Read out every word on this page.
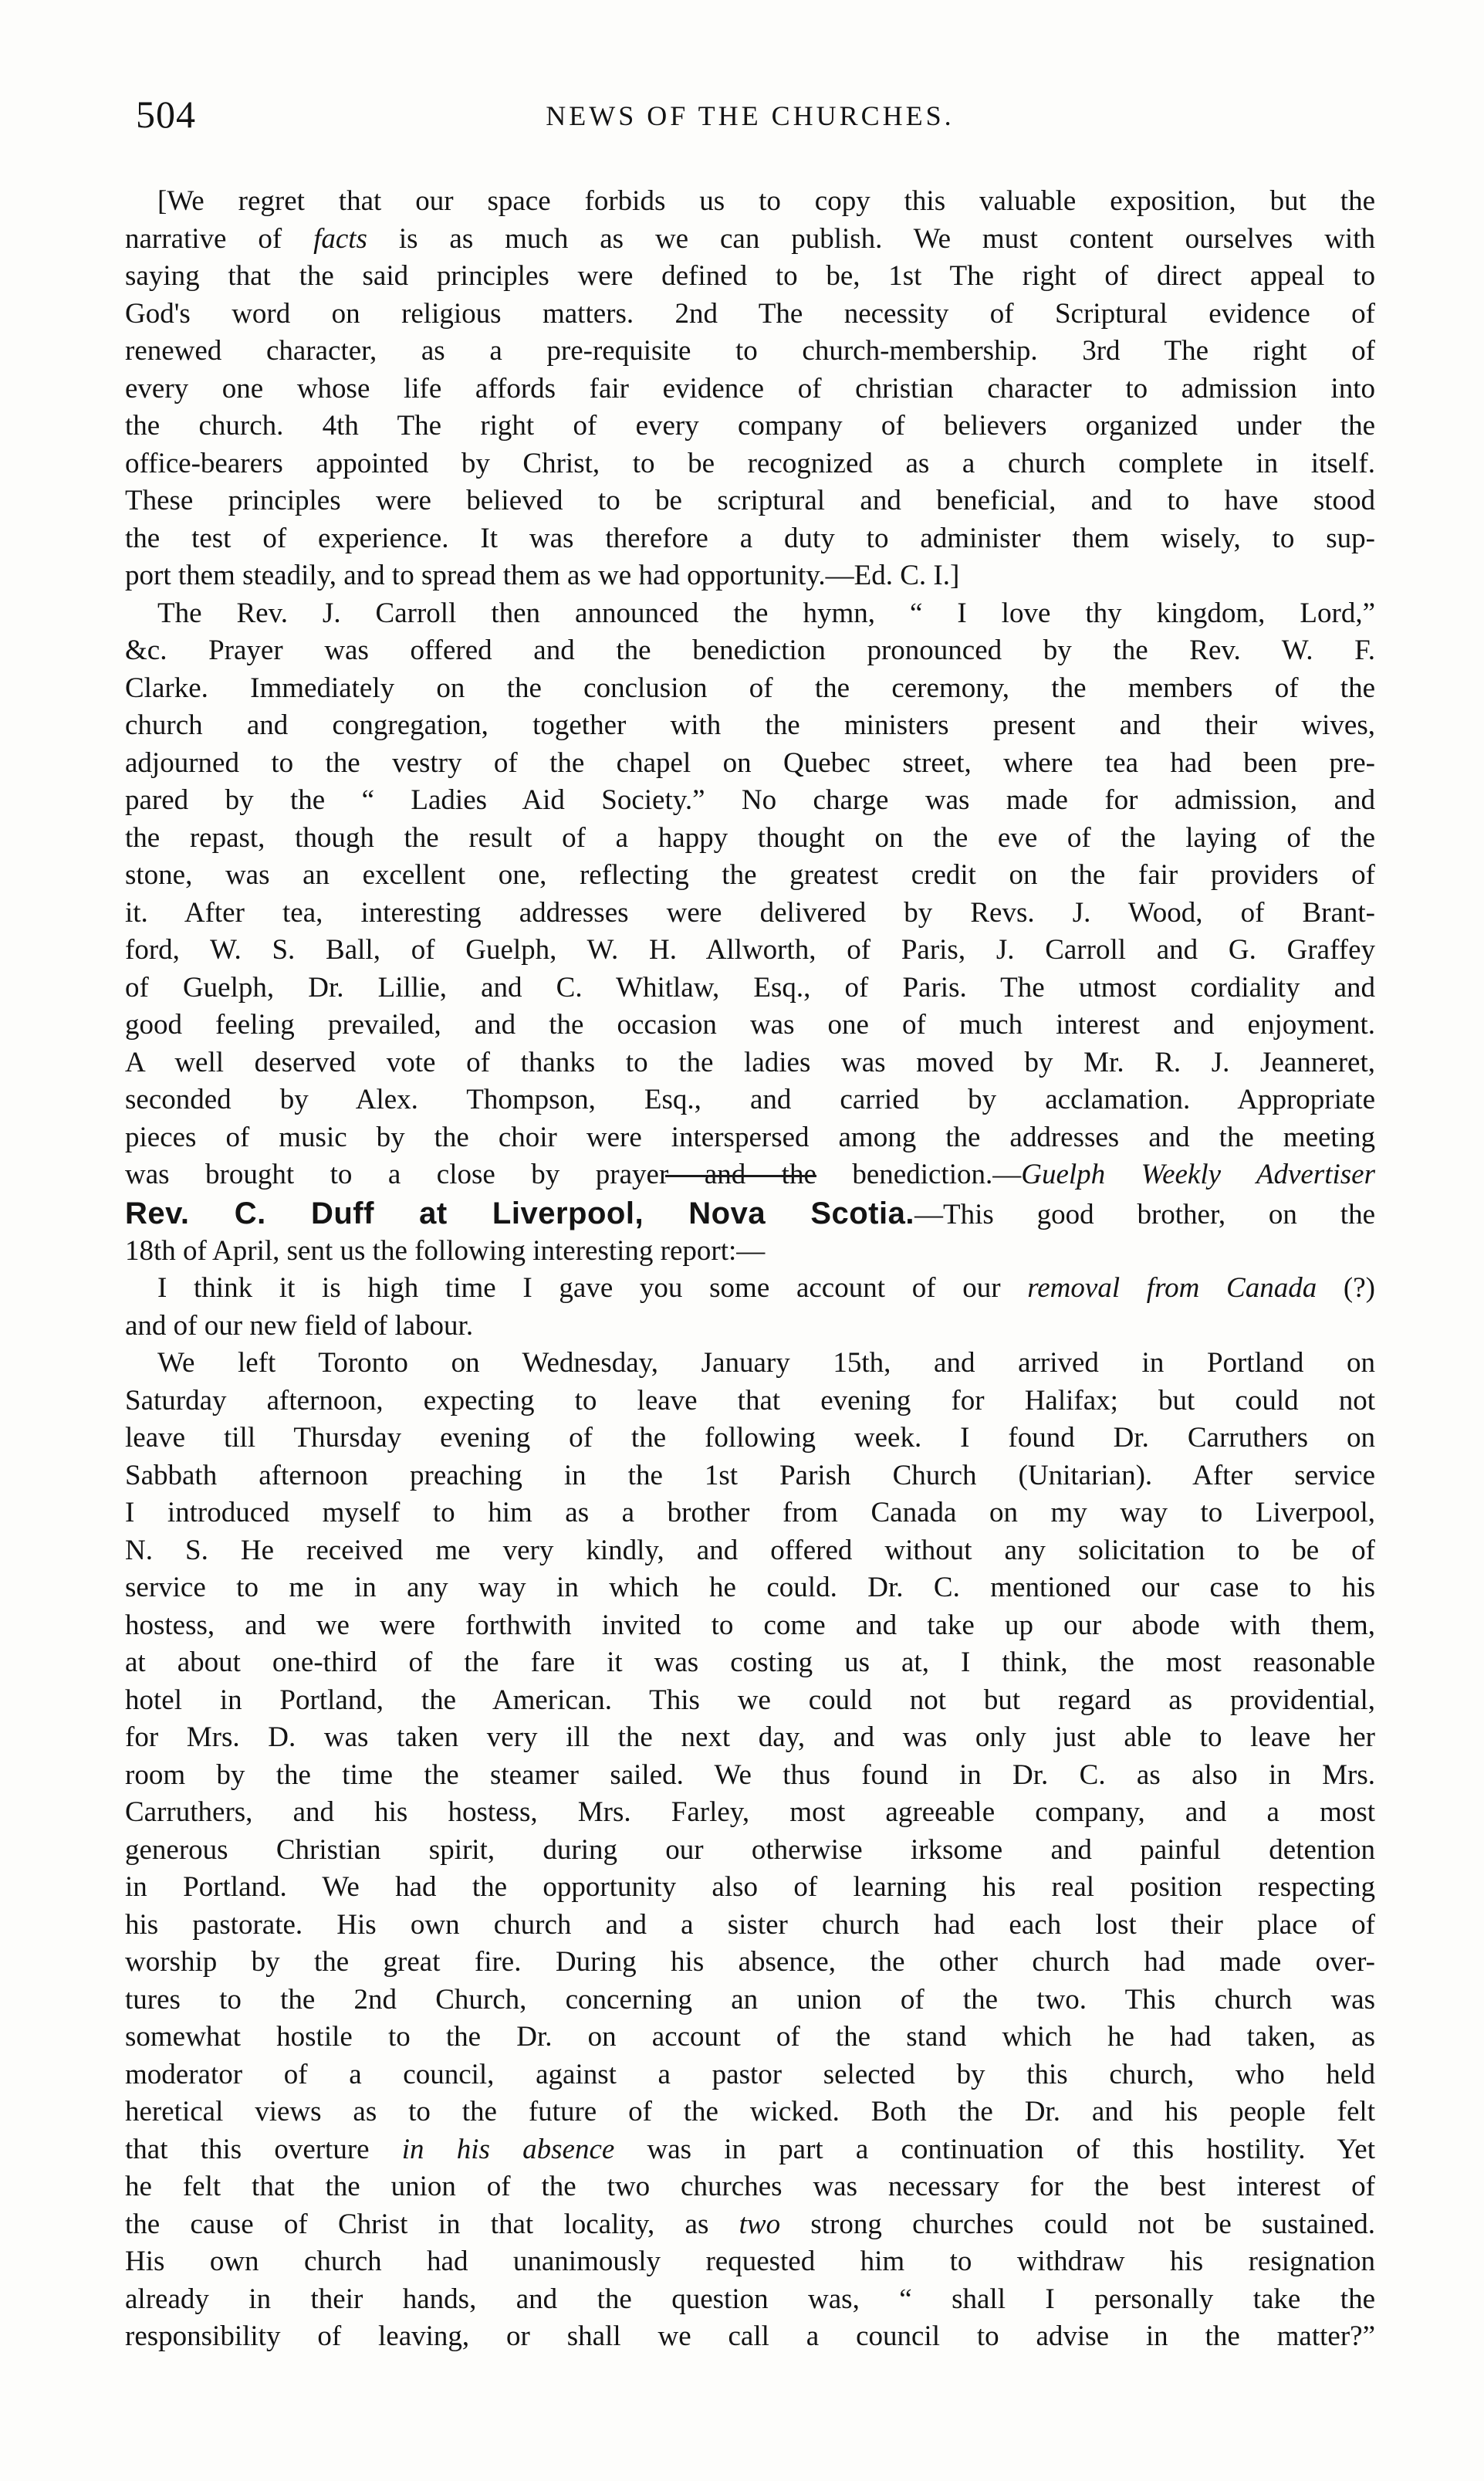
504	NEWS OF THE CHURCHES.
[We regret that our space forbids us to copy this valuable exposition, but the
narrative of facts is as much as we can publish. We must content ourselves with
saying that the said principles were defined to be, 1st The right of direct appeal to
God's word on religious matters. 2nd The necessity of Scriptural evidence of
renewed character, as a pre-requisite to church-membership. 3rd The right of
every one whose life affords fair evidence of christian character to admission into
the church. 4th The right of every company of believers organized under the
office-bearers appointed by Christ, to be recognized as a church complete in itself.
These principles were believed to be scriptural and beneficial, and to have stood
the test of experience. It was therefore a duty to administer them wisely, to sup-
port them steadily, and to spread them as we had opportunity.—Ed. C. I.]
The Rev. J. Carroll then announced the hymn, “ I love thy kingdom, Lord,”
&c. Prayer was offered and the benediction pronounced by the Rev. W. F.
Clarke. Immediately on the conclusion of the ceremony, the members of the
church and congregation, together with the ministers present and their wives,
adjourned to the vestry of the chapel on Quebec street, where tea had been pre-
pared by the “ Ladies Aid Society.” No charge was made for admission, and
the repast, though the result of a happy thought on the eve of the laying of the
stone, was an excellent one, reflecting the greatest credit on the fair providers of
it. After tea, interesting addresses were delivered by Revs. J. Wood, of Brant-
ford, W. S. Ball, of Guelph, W. H. Allworth, of Paris, J. Carroll and G. Graffey
of Guelph, Dr. Lillie, and C. Whitlaw, Esq., of Paris. The utmost cordiality and
good feeling prevailed, and the occasion was one of much interest and enjoyment.
A well deserved vote of thanks to the ladies was moved by Mr. R. J. Jeanneret,
seconded by Alex. Thompson, Esq., and carried by acclamation. Appropriate
pieces of music by the choir were interspersed among the addresses and the meeting
was brought to a close by prayer and the benediction.—Guelph Weekly Advertiser
Rev. C. Duff at Liverpool, Nova Scotia.—This good brother, on the
18th of April, sent us the following interesting report:—
I think it is high time I gave you some account of our removal from Canada (?)
and of our new field of labour.
We left Toronto on Wednesday, January 15th, and arrived in Portland on
Saturday afternoon, expecting to leave that evening for Halifax; but could not
leave till Thursday evening of the following week. I found Dr. Carruthers on
Sabbath afternoon preaching in the 1st Parish Church (Unitarian). After service
I introduced myself to him as a brother from Canada on my way to Liverpool,
N. S. He received me very kindly, and offered without any solicitation to be of
service to me in any way in which he could. Dr. C. mentioned our case to his
hostess, and we were forthwith invited to come and take up our abode with them,
at about one-third of the fare it was costing us at, I think, the most reasonable
hotel in Portland, the American. This we could not but regard as providential,
for Mrs. D. was taken very ill the next day, and was only just able to leave her
room by the time the steamer sailed. We thus found in Dr. C. as also in Mrs.
Carruthers, and his hostess, Mrs. Farley, most agreeable company, and a most
generous Christian spirit, during our otherwise irksome and painful detention
in Portland. We had the opportunity also of learning his real position respecting
his pastorate. His own church and a sister church had each lost their place of
worship by the great fire. During his absence, the other church had made over-
tures to the 2nd Church, concerning an union of the two. This church was
somewhat hostile to the Dr. on account of the stand which he had taken, as
moderator of a council, against a pastor selected by this church, who held
heretical views as to the future of the wicked. Both the Dr. and his people felt
that this overture in his absence was in part a continuation of this hostility. Yet
he felt that the union of the two churches was necessary for the best interest of
the cause of Christ in that locality, as two strong churches could not be sustained.
His own church had unanimously requested him to withdraw his resignation
already in their hands, and the question was, “ shall I personally take the
responsibility of leaving, or shall we call a council to advise in the matter?”
